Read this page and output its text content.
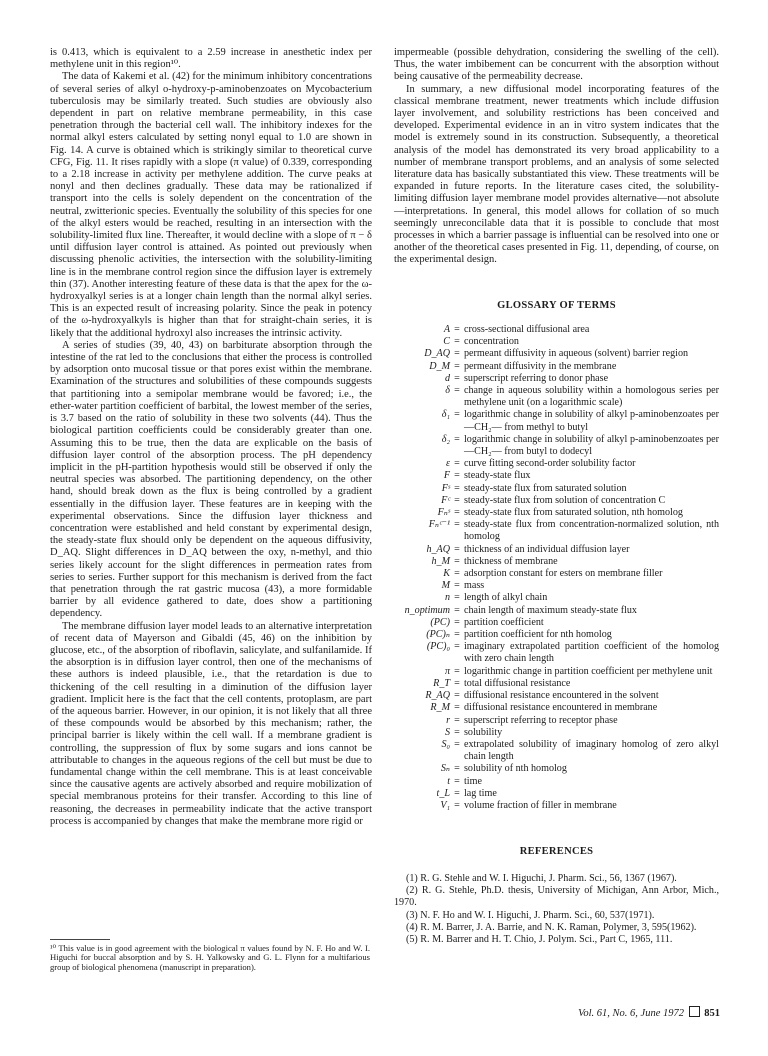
is 0.413, which is equivalent to a 2.59 increase in anesthetic index per methylene unit in this region¹⁰.

The data of Kakemi et al. (42) for the minimum inhibitory concentrations of several series of alkyl o-hydroxy-p-aminobenzoates on Mycobacterium tuberculosis may be similarly treated. Such studies are obviously also dependent in part on relative membrane permeability, in this case penetration through the bacterial cell wall. The inhibitory indexes for the normal alkyl esters calculated by setting nonyl equal to 1.0 are shown in Fig. 14. A curve is obtained which is strikingly similar to theoretical curve CFG, Fig. 11. It rises rapidly with a slope (π value) of 0.339, corresponding to a 2.18 increase in activity per methylene addition. The curve peaks at nonyl and then declines gradually. These data may be rationalized if transport into the cells is solely dependent on the concentration of the neutral, zwitterionic species. Eventually the solubility of this species for one of the alkyl esters would be reached, resulting in an intersection with the solubility-limited flux line. Thereafter, it would decline with a slope of π − δ until diffusion layer control is attained. As pointed out previously when discussing phenolic activities, the intersection with the solubility-limiting line is in the membrane control region since the diffusion layer is extremely thin (37). Another interesting feature of these data is that the apex for the ω-hydroxyalkyl series is at a longer chain length than the normal alkyl series. This is an expected result of increasing polarity. Since the peak in potency of the ω-hydroxyalkyls is higher than that for straight-chain series, it is likely that the additional hydroxyl also increases the intrinsic activity.

A series of studies (39, 40, 43) on barbiturate absorption through the intestine of the rat led to the conclusions that either the process is controlled by adsorption onto mucosal tissue or that pores exist within the membrane. Examination of the structures and solubilities of these compounds suggests that partitioning into a semipolar membrane would be favored; i.e., the ether-water partition coefficient of barbital, the lowest member of the series, is 3.7 based on the ratio of solubility in these two solvents (44). Thus the biological partition coefficients could be considerably greater than one. Assuming this to be true, then the data are explicable on the basis of diffusion layer control of the absorption process. The pH dependency implicit in the pH-partition hypothesis would still be observed if only the neutral species was absorbed. The partitioning dependency, on the other hand, should break down as the flux is being controlled by a gradient essentially in the diffusion layer. These features are in keeping with the experimental observations. Since the diffusion layer thickness and concentration were established and held constant by experimental design, the steady-state flux should only be dependent on the aqueous diffusivity, D_AQ. Slight differences in D_AQ between the oxy, n-methyl, and thio series likely account for the slight differences in permeation rates from series to series. Further support for this mechanism is derived from the fact that penetration through the rat gastric mucosa (43), a more formidable barrier by all evidence gathered to date, does show a partitioning dependency.

The membrane diffusion layer model leads to an alternative interpretation of recent data of Mayerson and Gibaldi (45, 46) on the inhibition by glucose, etc., of the absorption of riboflavin, salicylate, and sulfanilamide. If the absorption is in diffusion layer control, then one of the mechanisms of these authors is indeed plausible, i.e., that the retardation is due to thickening of the cell resulting in a diminution of the diffusion layer gradient. Implicit here is the fact that the cell contents, protoplasm, are part of the aqueous barrier. However, in our opinion, it is not likely that all three of these compounds would be absorbed by this mechanism; rather, the principal barrier is likely within the cell wall. If a membrane gradient is controlling, the suppression of flux by some sugars and ions cannot be attributable to changes in the aqueous regions of the cell but must be due to fundamental change within the cell membrane. This is at least conceivable since the causative agents are actively absorbed and require mobilization of special membranous proteins for their transfer. According to this line of reasoning, the decreases in permeability indicate that the active transport process is accompanied by changes that make the membrane more rigid or

¹⁰ This value is in good agreement with the biological π values found by N. F. Ho and W. I. Higuchi for buccal absorption and by S. H. Yalkowsky and G. L. Flynn for a multifarious group of biological phenomena (manuscript in preparation).

impermeable (possible dehydration, considering the swelling of the cell). Thus, the water imbibement can be concurrent with the absorption without being causative of the permeability decrease.

In summary, a new diffusional model incorporating features of the classical membrane treatment, newer treatments which include diffusion layer involvement, and solubility restrictions has been conceived and developed. Experimental evidence in an in vitro system indicates that the model is extremely sound in its construction. Subsequently, a theoretical analysis of the model has demonstrated its very broad applicability to a number of membrane transport problems, and an analysis of some selected literature data has basically substantiated this view. These treatments will be expanded in future reports. In the literature cases cited, the solubility-limiting diffusion layer membrane model provides alternative—not absolute—interpretations. In general, this model allows for collation of so much seemingly unreconcilable data that it is possible to conclude that most processes in which a barrier passage is influential can be resolved into one or another of the theoretical cases presented in Fig. 11, depending, of course, on the experimental design.

GLOSSARY OF TERMS

A = cross-sectional diffusional area
C = concentration
D_AQ = permeant diffusivity in aqueous (solvent) barrier region
D_M = permeant diffusivity in the membrane
d = superscript referring to donor phase
δ = change in aqueous solubility within a homologous series per methylene unit (on a logarithmic scale)
δ₁ = logarithmic change in solubility of alkyl p-aminobenzoates per —CH₂— from methyl to butyl
δ₂ = logarithmic change in solubility of alkyl p-aminobenzoates per —CH₂— from butyl to dodecyl
ε = curve fitting second-order solubility factor
F = steady-state flux
Fˢ = steady-state flux from saturated solution
Fᶜ = steady-state flux from solution of concentration C
Fₙˢ = steady-state flux from saturated solution, nth homolog
Fₙᶜ⁻¹ = steady-state flux from concentration-normalized solution, nth homolog
h_AQ = thickness of an individual diffusion layer
h_M = thickness of membrane
K = adsorption constant for esters on membrane filler
M = mass
n = length of alkyl chain
n_optimum = chain length of maximum steady-state flux
(PC) = partition coefficient
(PC)ₙ = partition coefficient for nth homolog
(PC)₀ = imaginary extrapolated partition coefficient of the homolog with zero chain length
π = logarithmic change in partition coefficient per methylene unit
R_T = total diffusional resistance
R_AQ = diffusional resistance encountered in the solvent
R_M = diffusional resistance encountered in membrane
r = superscript referring to receptor phase
S = solubility
S₀ = extrapolated solubility of imaginary homolog of zero alkyl chain length
Sₙ = solubility of nth homolog
t = time
t_L = lag time
V₁ = volume fraction of filler in membrane

REFERENCES

(1) R. G. Stehle and W. I. Higuchi, J. Pharm. Sci., 56, 1367 (1967).

(2) R. G. Stehle, Ph.D. thesis, University of Michigan, Ann Arbor, Mich., 1970.

(3) N. F. Ho and W. I. Higuchi, J. Pharm. Sci., 60, 537(1971).

(4) R. M. Barrer, J. A. Barrie, and N. K. Raman, Polymer, 3, 595(1962).

(5) R. M. Barrer and H. T. Chio, J. Polym. Sci., Part C, 1965, 111.

Vol. 61, No. 6, June 1972 851
